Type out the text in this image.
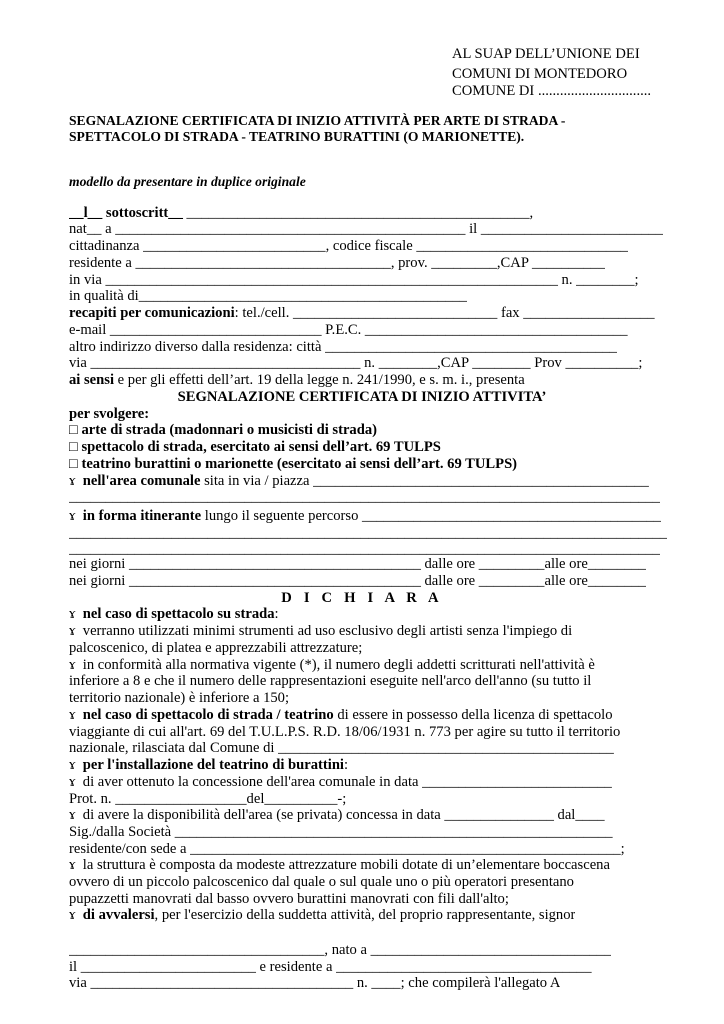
AL SUAP DELL’UNIONE DEI
COMUNI DI MONTEDORO
COMUNE DI ...............................
SEGNALAZIONE CERTIFICATA DI INIZIO ATTIVITÀ PER ARTE DI STRADA -
SPETTACOLO DI STRADA - TEATRINO BURATTINI (O MARIONETTE).
modello da presentare in duplice originale
__l__ sottoscritt__ _______________________________________________,
nat__ a ________________________________________________ il _________________________
cittadinanza _________________________, codice fiscale _____________________________
residente a ___________________________________, prov. _________,CAP __________
in via ______________________________________________________________ n. ________;
in qualità di_____________________________________________
recapiti per comunicazioni: tel./cell. ____________________________ fax __________________
e-mail _____________________________ P.E.C. ____________________________________
altro indirizzo diverso dalla residenza: città ________________________________________
via _____________________________________ n. ________,CAP ________ Prov __________;
ai sensi e per gli effetti dell’art. 19 della legge n. 241/1990, e s. m. i., presenta
SEGNALAZIONE CERTIFICATA DI INIZIO ATTIVITA’
per svolgere:
□ arte di strada (madonnari o musicisti di strada)
□ spettacolo di strada, esercitato ai sensi dell’art. 69 TULPS
□ teatrino burattini o marionette (esercitato ai sensi dell’art. 69 TULPS)
ɤ nell'area comunale sita in via / piazza ______________________________________________
_________________________________________________________________________________
ɤ in forma itinerante lungo il seguente percorso _________________________________________
__________________________________________________________________________________
_________________________________________________________________________________
nei giorni ________________________________________ dalle ore _________alle ore________
nei giorni ________________________________________ dalle ore _________alle ore________
D I C H I A R A
ɤ nel caso di spettacolo su strada:
ɤ  verranno utilizzati minimi strumenti ad uso esclusivo degli artisti senza l'impiego di
palcoscenico, di platea e apprezzabili attrezzature;
ɤ  in conformità alla normativa vigente (*), il numero degli addetti scritturati nell'attività è
inferiore a 8 e che il numero delle rappresentazioni eseguite nell'arco dell'anno (su tutto il
territorio nazionale) è inferiore a 150;
ɤ nel caso di spettacolo di strada / teatrino di essere in possesso della licenza di spettacolo
viaggiante di cui all'art. 69 del T.U.L.P.S. R.D. 18/06/1931 n. 773 per agire su tutto il territorio
nazionale, rilasciata dal Comune di ______________________________________________
ɤ per l'installazione del teatrino di burattini:
ɤ  di aver ottenuto la concessione dell'area comunale in data __________________________
Prot. n. __________________del__________-;
ɤ  di avere la disponibilità dell'area (se privata) concessa in data _______________ dal____
Sig./dalla Società ____________________________________________________________
residente/con sede a ___________________________________________________________;
ɤ  la struttura è composta da modeste attrezzature mobili dotate di un’elementare boccascena
ovvero di un piccolo palcoscenico dal quale o sul quale uno o più operatori presentano
pupazzetti manovrati dal basso ovvero burattini manovrati con fili dall'alto;
ɤ di avvalersi, per l'esercizio della suddetta attività, del proprio rappresentante, signor
___________________________________, nato a _________________________________
il ________________________ e residente a ___________________________________
via ____________________________________ n. ____; che compilerà l'allegato A
